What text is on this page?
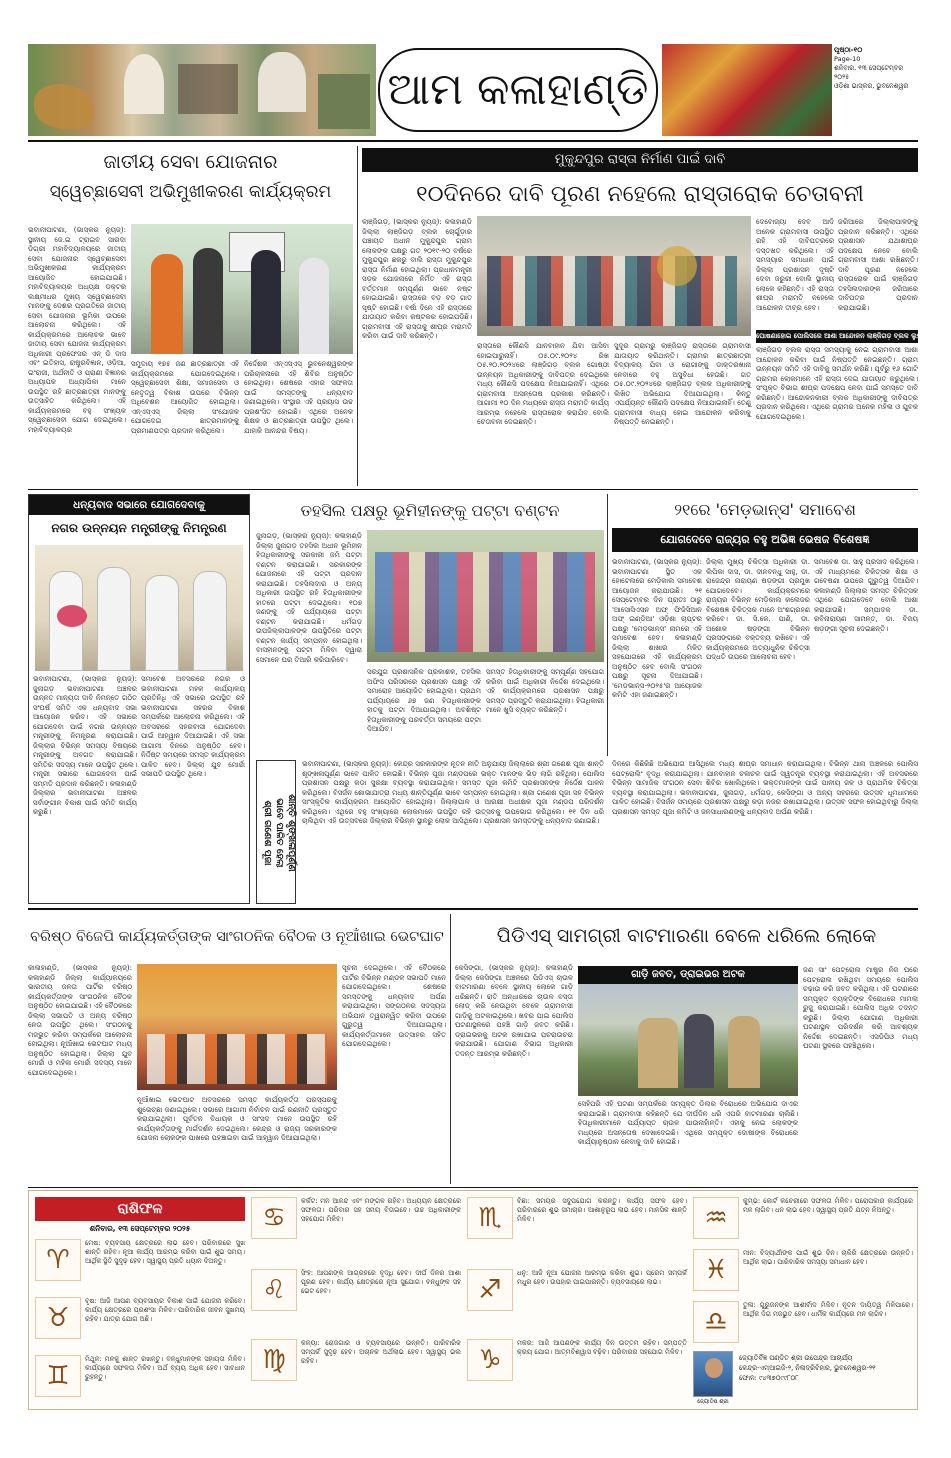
ଆମ କଳାହାଣ୍ଡି
ପୃଷ୍ଠା-୧୦
Page-10
ଶନିବାର, ୧୩ ସେପ୍ଟେମ୍ବର ୨୦୨୫
ଓଡ଼ିଶା ଭାସ୍କର, ଭୁବନେଶ୍ୱର
ଜାତୀୟ ସେବା ଯୋଜନାର
ସ୍ୱେଚ୍ଛାସେବୀ ଅଭିମୁଖୀକରଣ କାର୍ଯ୍ୟକ୍ରମ
ଭବାନୀପାଟଣା, (ଭାସ୍କର ନ୍ୟୁଜ୍): ସ୍ଥାନୀୟ ଜେ.ଇ ଟ୍ରାଇବ ସାରଦା ଡିଗ୍ରୀ ମହାବିଦ୍ୟାଳୟରେ ଜାତୀୟ ସେବା ଯୋଜନାର ସ୍ୱେଚ୍ଛାସେବୀ ଅଭିମୁଖୀକରଣ କାର୍ଯ୍ୟକ୍ରମ ଆୟୋଜିତ ହୋଇଯାଇଛି। ମହାବିଦ୍ୟାଳୟର ଅଧ୍ୟକ୍ଷ ଡକ୍ଟର ଲକ୍ଷ୍ମୀଧର ମୁଖ୍ୟ ସ୍ୱେଚ୍ଛାସେବୀ ମାନଙ୍କୁ ଦେଶର ପ୍ରଗତିରେ ଜାତୀୟ ସେବା ଯୋଜନାର ଭୂମିକା ଉପରେ ଆଲୋଚନା କରିଥିଲେ। ଏହି କାର୍ଯ୍ୟକ୍ରମରେ ଆଲୋଚକ ଭାବେ ଜାତୀୟ ସେବା ଯୋଜନା କାର୍ଯ୍ୟକ୍ରମ ଅଧିକାରୀ ପ୍ରଫେସର ଏନ୍ ଡି ଦାସ ଏବଂ ଇତିହାସ, ରାଷ୍ଟ୍ରବିଜ୍ଞାନ, ଓଡ଼ିଆ, ଇଂରାଜୀ, ଅର୍ଥନୀତି ଓ ପ୍ରାଣୀ ବିଜ୍ଞାନର ଅଧ୍ୟାପକ ଅଧ୍ୟାପିକା ମାନେ ଉପସ୍ଥିତ ରହି ଛାତ୍ରଛାତ୍ରୀ ମାନଙ୍କୁ ଉତ୍ସାହିତ କରିଥିଲେ। ଏହି କାର୍ଯ୍ୟକ୍ରମରେ ବହୁ ସଂଖ୍ୟକ ସ୍ୱେଚ୍ଛାସେବୀ ଯୋଗ ଦେଇଥିଲେ। ମହାବିଦ୍ୟାଳୟର
ସମୁଦାୟ ୧୭୫ ଜଣ ଛାତ୍ରଛାତ୍ରୀ ଏହି କାର୍ଯ୍ୟକ୍ରମରେ ଯୋଗଦେଇଥିଲେ। ସ୍ୱେଚ୍ଛାସେବୀ ଶିକ୍ଷା, ସମାଜସେବା ଓ ନେତୃତ୍ୱ ବିକାଶ ଉପରେ ବିଭିନ୍ନ ଅଧିବେଶନ ଆୟୋଜିତ ହୋଇଥିଲା। ଏନ୍ଏସ୍ଏସ୍ ଜିଲ୍ଲା ସଂଯୋଜକ ଯୋଗଦେଇ ଛାତ୍ରମାନଙ୍କୁ ପ୍ରମାଣପତ୍ର ପ୍ରଦାନ କରିଥିଲେ।
ନିର୍ଦ୍ଦେଶକ ଏନ୍ଏସ୍ଏସ୍ ଭୁବନେଶ୍ୱରଙ୍କ ପରିଚାଳନାରେ ଏହି ଶିବିର ଅନୁଷ୍ଠିତ ହୋଇଥିଲା। ଶେଷରେ ଏହାର ସଫଳତା ପାଇଁ ସମସ୍ତଙ୍କୁ ଧନ୍ୟବାଦ ଜଣାଇଥିଲେ। ସଂସ୍ଥାର ଏହି ପ୍ରୟାସ ଉଚ୍ଚ ପ୍ରଶଂସିତ ହୋଇଛି। ଏଥିରେ ଅନେକ ଶିକ୍ଷକ ଓ ଛାତ୍ରଛାତ୍ରୀ ଉପସ୍ଥିତ ଥିଲେ। ଯାହାକି ଆନନ୍ଦର ବିଷୟ।
ମୁକୁନ୍ଦପୁର ରାସ୍ତା ନିର୍ମାଣ ପାଇଁ ଦାବି
୧୦ଦିନରେ ଦାବି ପୂରଣ ନହେଲେ ରାସ୍ତାରୋକ ଚେତାବନୀ
ଲାଞ୍ଜିଗଡ଼, (ଭାସ୍କର ନ୍ୟୁଜ୍): କଳାହାଣ୍ଡି ଜିଲ୍ଲା ଲାଞ୍ଜିଗଡ଼ ବ୍ଲକ ଚୋର୍ଗୁଡ଼ାର ପଞ୍ଚାୟତ ଅଧୀନ ମୁକୁନ୍ଦପୁର ଗ୍ରାମ ଲୋକଙ୍କ ପକ୍ଷରୁ ଗତ ୨୦୧୯-୨୦ ବର୍ଷରେ ମୁକୁନ୍ଦପୁର ଛକରୁ ବାଲି ରାସ୍ତା ମୁକୁନ୍ଦପୁର ରାସ୍ତା ନିର୍ମାଣ ହୋଇଥିଲା। ପ୍ରଧାନମନ୍ତ୍ରୀ ସଡ଼କ ଯୋଜନାରେ ନିର୍ମିତ ଏହି ରାସ୍ତା ବର୍ତ୍ତମାନ ସମ୍ପୂର୍ଣ୍ଣ ଭାବେ ନଷ୍ଟ ହୋଇଯାଇଛି। ରାସ୍ତାରେ ବଡ଼ ବଡ଼ ଗାତ ସୃଷ୍ଟି ହୋଇଛି। ବର୍ଷା ଦିନେ ଏହି ରାସ୍ତାରେ ଯାତାୟାତ କରିବା କଷ୍ଟକର ହୋଇପଡ଼ିଛି। ଗ୍ରାମବାସୀ ଏହି ରାସ୍ତାକୁ ଶୀଘ୍ର ମରାମତି କରିବା ପାଇଁ ଦାବି କରିଛନ୍ତି।
ରାସ୍ତାରେ କୌଣସି ଯାନବାହାନ ଯିବା ଆସିବା ହୋଇପାରୁନାହିଁ। ୦୫.୦୯.୨୦୨୪ ରିଖ ୦୫.୨୦.୨୦୨୪ରେ ଲାଞ୍ଜିଗଡ଼ ବ୍ଲକ ଗୋଷ୍ଠୀ ଉନ୍ନୟନ ଅଧିକାରୀଙ୍କୁ ଦାବିପତ୍ର ଦେଇଥିଲେ ମଧ୍ୟ କୌଣସି ପଦକ୍ଷେପ ନିଆଯାଇନାହିଁ। ଏଥିରେ ଗ୍ରାମବାସୀ ଅସନ୍ତୋଷ ପ୍ରକାଶ କରିଛନ୍ତି। ଆଗାମୀ ୧୦ ଦିନ ମଧ୍ୟରେ ରାସ୍ତା ମରାମତି କାର୍ଯ୍ୟ ଆରମ୍ଭ ନହେଲେ ରାସ୍ତାରୋକ କରାଯିବ ବୋଲି ଚେତାବନୀ ଦେଇଛନ୍ତି।
ସୁଦୂର ଗ୍ରାମରୁ ଲାଞ୍ଜିଗଡ଼ ରାସ୍ତାରେ ଗ୍ରାମବାସୀ ଯାତାୟାତ କରିଥାନ୍ତି। ଗ୍ରାମର ଛାତ୍ରଛାତ୍ରୀ ବିଦ୍ୟାଳୟ ଯିବା ଓ ରୋଗୀଙ୍କୁ ଡାକ୍ତରଖାନା ନେବାରେ ବହୁ ଅସୁବିଧା ହେଉଛି। ଗତ ୦୫.୦୯.୨୦୨୪ରେ ଲାଞ୍ଜିଗଡ଼ ବ୍ଲକ ଅଧିକାରୀଙ୍କୁ ଲିଖିତ ଅଭିଯୋଗ ଦିଆଯାଇଥିଲା। କିନ୍ତୁ ଏପର୍ଯ୍ୟନ୍ତ କୌଣସି ପଦକ୍ଷେପ ନିଆଯାଇନାହିଁ। ତେଣୁ ଗ୍ରାମବାସୀ ବାଧ୍ୟ ହୋଇ ଆନ୍ଦୋଳନ କରିବାକୁ ନିଷ୍ପତ୍ତି ନେଇଛନ୍ତି।
ଦେବୋଜ୍ୟା ଦେବ ଆଦି ଅନେକ ଗ୍ରାମବାସୀ ଉପସ୍ଥିତ ରହି ଏହି ଦାବିପତ୍ରରେ ଦସ୍ତଖତ କରିଥିଲେ। ଏହି ସମସ୍ୟାର ସମାଧାନ ପାଇଁ ଜିଲ୍ଲା ପ୍ରଶାସନ ଦୃଷ୍ଟି ଦେବା ଜରୁରୀ ବୋଲି ସ୍ଥାନୀୟ ଲୋକେ କହିଛନ୍ତି। ଏହି ରାସ୍ତା ଶୀଘ୍ର ମରାମତି ନହେଲେ ଆନ୍ଦୋଳନ ତୀବ୍ର ହେବ।
ଜରିଆରେ ଜିଲ୍ଲାପାଳଙ୍କୁ ପ୍ରଦାନ କରିଛନ୍ତି। ଏଥିରେ ପ୍ରଶାସନ ଯଥାଶୀଘ୍ର ପଦକ୍ଷେପ ନେବେ ବୋଲି ଗ୍ରାମବାସୀ ଆଶା ରଖିଛନ୍ତି। ଦାବି ପୂରଣ ନହେଲେ ରାସ୍ତାରୋକ ପାଇଁ ଲାଞ୍ଜିଗଡ଼ ତହସିଲଦାରଙ୍କ ଜରିଆରେ ଦାବିପତ୍ର ପ୍ରଦାନ କରାଯାଇଛି।
ଘୋଷଣାହୋଇ ପୋଲିସରେ ଆଶା ଆନ୍ଦୋଳନ ଲାଞ୍ଜିଗଡ଼ ବ୍ଲକ ଲୁହାର ସମାଧାନ
ଲାଞ୍ଜିଗଡ଼ ବ୍ଲକ ରାସ୍ତା ସମସ୍ୟାକୁ ନେଇ ଗ୍ରାମବାସୀ ଆଶା ଆନ୍ଦୋଳନ କରିବା ପାଇଁ ନିଷ୍ପତ୍ତି ନେଇଛନ୍ତି। ଗ୍ରାମ ଉନ୍ନୟନ ସମିତି ଏହି ଦାବିକୁ ସମର୍ଥନ କରିଛି। ପୂର୍ବରୁ ୧୬ ଗୋଟି ଗ୍ରାମର ଲୋକମାନେ ଏହି ରାସ୍ତା ଦେଇ ଯାତାୟାତ କରୁଥିଲେ। ସଂପୃକ୍ତ ବିଭାଗ ଶୀଘ୍ର ପଦକ୍ଷେପ ନେବା ପାଇଁ ସମସ୍ତେ ଦାବି କରିଛନ୍ତି। ଆନ୍ଦୋଳନକାରୀ ବ୍ଲକ ଅଧିକାରୀଙ୍କୁ ଦାବିପତ୍ର ପ୍ରଦାନ କରିଥିଲେ। ଏଥିରେ ଗ୍ରାମର ଅନେକ ମହିଳା ଓ ଯୁବକ ଯୋଗଦେଇଥିଲେ।
ଧନ୍ୟବାଦ ସଭାରେ ଯୋଗଦେବାକୁ
ନଗର ଉନ୍ନୟନ ମନ୍ତ୍ରୀଙ୍କୁ ନିମନ୍ତ୍ରଣ
ଭବାନୀପାଟଣା, (ଭାସ୍କର ନ୍ୟୁଜ୍): ଜୁନାଗଡ଼ ଭବାନୀପାଟଣା ଅଞ୍ଚଳର ଉନ୍ନତ ମାନ୍ୟତା ଦାବି ନିମନ୍ତେ ଗଠିତ ସଂଘର୍ଷ ସମିତି ଏକ ଧନ୍ୟବାଦ ସଭା ଆୟୋଜନ କରିବ। ଏହି ସଭାରେ ଯୋଗଦେବା ପାଇଁ ନଗର ଉନ୍ନୟନ ମନ୍ତ୍ରୀଙ୍କୁ ନିମନ୍ତ୍ରଣ କରାଯାଇଛି। ଜିଲ୍ଲାର ବିଭିନ୍ନ ସମସ୍ୟା ବିଷୟରେ ମନ୍ତ୍ରୀଙ୍କୁ ଅବଗତ କରାଯାଇଛି। ସମିତିର ସଦସ୍ୟ ମାନେ ଉପସ୍ଥିତ ଥିଲେ। ମନ୍ତ୍ରୀ ସଭାରେ ଯୋଗଦେବା ପାଇଁ ସମ୍ମତି ପ୍ରଦାନ କରିଛନ୍ତି। କଳାହାଣ୍ଡି ଜିଲ୍ଲାର ଭବାନୀପାଟଣା ଅଞ୍ଚଳର ସର୍ବାଙ୍ଗୀନ ବିକାଶ ପାଇଁ ସମିତି କାର୍ଯ୍ୟ କରୁଛି।
ସମାବେଶ ଅବସରରେ ନଗର ଓ ଭବାନୀପାଟଣା ମହକ କାର୍ଯ୍ୟାଳୟ ପ୍ରତିନିଧି ଏହି ସଭାରେ ଉପସ୍ଥିତ ରହି ଭବାନୀପାଟଣା ସହରର ବିକାଶ ସମ୍ପର୍କରେ ଆଲୋଚନା କରିଥିଲେ। ଏହି ଅବସରରେ ସହରବାସୀ ଯୋଗଦେବା ପାଇଁ ଆହ୍ୱାନ ଦିଆଯାଇଛି। ଏହି ସଭା ଆଗାମୀ ଦିନରେ ଅନୁଷ୍ଠିତ ହେବ। ନିର୍ଦ୍ଦିଷ୍ଟ ସମୟରେ ସମସ୍ତ କାର୍ଯ୍ୟକ୍ରମ ପାଳିତ ହେବ। ଜିଲ୍ଲା ଯୁବ ମୋର୍ଚ୍ଚା ସଭାପତି ଉପସ୍ଥିତ ଥିଲେ।
ତହସିଲ ପକ୍ଷରୁ ଭୂମିହୀନଙ୍କୁ ପଟ୍ଟା ବଣ୍ଟନ
ଜୁନାଗଡ଼, (ଭାସ୍କର ନ୍ୟୁଜ୍): କଳାହାଣ୍ଡି ଜିଲ୍ଲା ଜୁନାଗଡ଼ ତହସିଲ ଅଧୀନ ଭୂମିହୀନ ହିତାଧିକାରୀଙ୍କୁ ସରକାରୀ ଜମି ପଟ୍ଟା ବଣ୍ଟନ କରାଯାଇଛି। ସରକାରଙ୍କ ଯୋଜନାରେ ଏହି ପଟ୍ଟା ପ୍ରଦାନ କରାଯାଇଛି। ତହସିଲଦାର ଓ ଅନ୍ୟ ଅଧିକାରୀ ଉପସ୍ଥିତ ରହି ହିତାଧିକାରୀଙ୍କ ହାତରେ ପଟ୍ଟା ଦେଇଥିଲେ। ୧୦୭ ଜଣଙ୍କୁ ଏହି ପର୍ଯ୍ୟାୟରେ ପଟ୍ଟା ବଣ୍ଟନ କରାଯାଇଛି। ଧର୍ମଗଡ଼ ଉପଜିଲ୍ଲାପାଳଙ୍କ ଉପସ୍ଥିତିରେ ପଟ୍ଟା ବଣ୍ଟନ କାର୍ଯ୍ୟ ସମ୍ପନ୍ନ ହୋଇଥିଲା। ବାସହୀନଙ୍କୁ ପଟ୍ଟା ମିଳିବା ଦ୍ୱାରା ସେମାନେ ଘର ତିଆରି କରିପାରିବେ।
ସରଯୁଗ ପ୍ରଶାସନିକ ପ୍ରକାଶକ, ତହସିଲ ଅଫିସ ପରିସରରେ ପ୍ରଶାସନ ପକ୍ଷରୁ ଏହି ସମାରୋହ ଆୟୋଜିତ ହୋଇଥିଲା। ପ୍ରଥମ ପର୍ଯ୍ୟାୟରେ ୬୭ ଜଣ ହିତାଧିକାରୀଙ୍କ ହାତକୁ ପଟ୍ଟା ଦିଆଯାଇଥିଲା। ଅବଶିଷ୍ଟ ହିତାଧିକାରୀଙ୍କୁ ପରବର୍ତ୍ତୀ ସମୟରେ ପଟ୍ଟା ଦିଆଯିବ।
ସମସ୍ତ ହିତାଧିକାରୀଙ୍କୁ ସମ୍ପୂର୍ଣ୍ଣ ସହଯୋଗ କରିବା ପାଇଁ ଅଧିକାରୀ ନିର୍ଦ୍ଦେଶ ଦେଇଥିଲେ। ଏହି କାର୍ଯ୍ୟକ୍ରମରେ ପ୍ରଶାସନ ପକ୍ଷରୁ ସମସ୍ତ ପ୍ରସ୍ତୁତି କରାଯାଇଥିଲା। ହିତାଧିକାରୀ ମାନେ ଖୁସି ବ୍ୟକ୍ତ କରିଛନ୍ତି।
୨୧ରେ 'ମେଡ଼ଭାନ୍ସ' ସମାବେଶ
ଯୋଗଦେବେ ରାଜ୍ୟର ବହୁ ଅଭିଜ୍ଞ ଭେଷଜ ବିଶେଷଜ୍ଞ
ଜିଲ୍ଲା ମୁଖ୍ୟ ଚିକିତ୍ସା ଅଧିକାରୀ ଡା. ଲିପିକା ଦାସ, ଡା. ଦୀନବନ୍ଧୁ ସାହୁ, ଡା. ରାଜେନ୍ଦ୍ର ନାରାୟଣ ଷଡ଼ଙ୍ଗୀ ପ୍ରମୁଖ ଯୋଗଦେବେ। କାର୍ଯ୍ୟକ୍ରମରେ ରାଜ୍ୟର ବିଭିନ୍ନ ମେଡ଼ିକାଲ କଲେଜର ବିଶେଷଜ୍ଞ ଚିକିତ୍ସକ ମାନେ ଅଂଶଗ୍ରହଣ କରିବେ। ଡା. ସି.କେ. ପାଣି, ଡା. ଅଶୋକ ଷଡ଼ଙ୍ଗୀ ବିଭିନ୍ନ ପ୍ରସଙ୍ଗରେ ବକ୍ତବ୍ୟ ରଖିବେ। ଏହି କାର୍ଯ୍ୟକ୍ରମରେ ଅତ୍ୟାଧୁନିକ ଚିକିତ୍ସା ପଦ୍ଧତି ଉପରେ ଆଲୋଚନା ହେବ।
ସମାବେଶ ଡା. ସାହୁ ପ୍ରସାଦ କରିଥିଲେ। ଏହି ମାଧ୍ୟମରେ ଚିକିତ୍ସକ ଶିକ୍ଷା ଓ ଗବେଷଣା ଉପରେ ଗୁରୁତ୍ୱ ଦିଆଯିବ। କଳାହାଣ୍ଡି ଜିଲ୍ଲାର ସମସ୍ତ ଚିକିତ୍ସକ ଏଥିରେ ଯୋଗଦେବେ ବୋଲି ଆଶା କରାଯାଉଛି। ସମ୍ପାଦକ ଡା. ରବିନାରାୟଣ ସାମନ୍ତ, ଡା. ବିଜୟ ଷଡ଼ଙ୍ଗୀ ସୂଚନା ଦେଇଛନ୍ତି।
ଭବାନୀପାଟଣା, (ଭାସ୍କର ନ୍ୟୁଜ୍): ଭବାନୀପାଟଣା ସ୍ଥିତ ଏକ ହୋଟେଲରେ ମେଡ଼ିକାଲ ସମାବେଶ ଆୟୋଜନ କରାଯାଉଛି। ୨୧ ସେପ୍ଟେମ୍ବର ଦିନ ପ୍ରାତଃ ଠାରୁ 'ଆସୋସିଏସନ ଅଫ୍ ଫିଜିସିଆନ ଅଫ୍ ଇଣ୍ଡିଆ' ଓଡ଼ିଶା ଚାପ୍ଟର ପକ୍ଷରୁ 'ମେଡ଼ଭାନ୍ସ' ନାମରେ ଏହି ସମାବେଶ ହେବ। କଳାହାଣ୍ଡି ଜିଲ୍ଲା ଶାଖାର ମିଳିତ ସହଯୋଗରେ ଏହି କାର୍ଯ୍ୟକ୍ରମ ଅନୁଷ୍ଠିତ ହେବ ବୋଲି ସଂଗଠନ ପକ୍ଷରୁ ସୂଚନା ଦିଆଯାଇଛି। 'ମେଡ଼ଭାନ୍ସ-୨୦୨୫'ର ଆୟୋଜକ କମିଟି ଏହା ଜଣାଇଛନ୍ତି।
ଶାନ୍ତି ଶୃଙ୍ଖଳାପୂର୍ଣ୍ଣ
ଭାବେ ପାଳିତ ହେଲା
ଶ୍ରୀ ଗଣେଶ ପୂଜା
ଭବାନୀପାଟଣା, (ଭାସ୍କର ନ୍ୟୁଜ୍): କେନ୍ଦ୍ର ସରକାରଙ୍କ ନୂତନ ନୀତି ଅନୁଯାୟୀ ଜିଲ୍ଲାରେ ଶ୍ରୀ ଗଣେଶ ପୂଜା ଶାନ୍ତି ଶୃଙ୍ଖଳାପୂର୍ଣ୍ଣ ଭାବେ ପାଳିତ ହୋଇଛି। ବିଭିନ୍ନ ପୂଜା ମଣ୍ଡପରେ ଭକ୍ତ ମାନଙ୍କ ଭିଡ଼ ଲାଗି ରହିଥିଲା। ପୋଲିସ ପ୍ରଶାସନ ପକ୍ଷରୁ କଡ଼ା ସୁରକ୍ଷା ବ୍ୟବସ୍ଥା କରାଯାଇଥିଲା। ସମସ୍ତ ପୂଜା କମିଟି ପ୍ରଶାସନଙ୍କ ନିର୍ଦ୍ଦେଶ ପାଳନ କରିଥିଲେ। ବିସର୍ଜନ ଶୋଭାଯାତ୍ରା ମଧ୍ୟ ଶାନ୍ତିପୂର୍ଣ୍ଣ ଭାବେ ସମ୍ପନ୍ନ ହୋଇଥିଲା। ଶ୍ରୀ ଗଣେଶ ପୂଜା ସହ ବିଭିନ୍ନ ସାଂସ୍କୃତିକ କାର୍ଯ୍ୟକ୍ରମ ଆୟୋଜିତ ହୋଇଥିଲା। ଜିଲ୍ଲାପାଳ ଓ ଆରକ୍ଷୀ ଅଧୀକ୍ଷକ ପୂଜା ମଣ୍ଡପ ପରିଦର୍ଶନ କରିଥିଲେ। ଏଥିରେ ବହୁ ସଂଖ୍ୟାରେ ଲୋକମାନେ ଉପସ୍ଥିତ ରହି ଉତ୍ସବକୁ ଉପଭୋଗ କରିଥିଲେ। ୧୧ ଦିନ ଧରି ଚାଲିଥିବା ଏହି ଉତ୍ସବରେ ଜିଲ୍ଲାର ବିଭିନ୍ନ ସ୍ଥାନରୁ ଲୋକ ଆସିଥିଲେ। ପ୍ରଶାସନ ସମସ୍ତଙ୍କୁ ଧନ୍ୟବାଦ ଜଣାଇଛି।
ଦିନରେ କିଛିକିଛି ଅଭିଯୋଗ ଆସିଥିଲେ ମଧ୍ୟ ଶୀଘ୍ର ସମାଧାନ କରାଯାଇଥିଲା। ବିଭିନ୍ନ ଥାନା ଅଞ୍ଚଳରେ ପୋଲିସ ପେଟ୍ରୋଲିଂ ବୃଦ୍ଧି କରାଯାଇଥିଲା। ଯାନବାହାନ ଚଳାଚଳ ପାଇଁ ସ୍ୱତନ୍ତ୍ର ବ୍ୟବସ୍ଥା କରାଯାଇଥିଲା। ଏହି ଅବସରରେ ବିଭିନ୍ନ ସାମାଜିକ ସଂଗଠନ ସେବା ଶିବିର ଖୋଲିଥିଲେ। ଭକ୍ତମାନଙ୍କ ପାଇଁ ପାନୀୟ ଜଳ ଓ ପ୍ରାଥମିକ ଚିକିତ୍ସା ବ୍ୟବସ୍ଥା କରାଯାଇଥିଲା। ଭବାନୀପାଟଣା, ଜୁନାଗଡ଼, ଧର୍ମଗଡ଼, କେସିଙ୍ଗା ଓ ଅନ୍ୟ ସହରରେ ଉତ୍ସବ ଧୂମଧାମରେ ପାଳିତ ହୋଇଛି। ବିସର୍ଜନ ସମୟରେ ପ୍ରଶାସନ ପକ୍ଷରୁ କଡ଼ା ନଜର ରଖାଯାଇଥିଲା। ଉତ୍ସବ ସଫଳ ହୋଇଥିବାରୁ ଜିଲ୍ଲା ପ୍ରଶାସନ ସମସ୍ତ ପୂଜା କମିଟି ଓ ଜନସାଧାରଣଙ୍କୁ ଧନ୍ୟବାଦ ଅର୍ପଣ କରିଛି।
ବରିଷ୍ଠ ବିଜେପି କାର୍ଯ୍ୟକର୍ତ୍ତାଙ୍କ ସାଂଗଠନିକ ବୈଠକ ଓ ନୂଆଁଖାଇ ଭେଟଘାଟ
କାଳାହାଣ୍ଡି, (ଭାସ୍କର ନ୍ୟୁଜ୍): କଳାହାଣ୍ଡି ଜିଲ୍ଲା କାର୍ଯ୍ୟାଳୟରେ ଭାରତୀୟ ଜନତା ପାର୍ଟିର ବରିଷ୍ଠ କାର୍ଯ୍ୟକର୍ତ୍ତାଙ୍କ ସାଂଗଠନିକ ବୈଠକ ଅନୁଷ୍ଠିତ ହୋଇଯାଇଛି। ଏହି ବୈଠକରେ ଜିଲ୍ଲା ସଭାପତି ଓ ଅନ୍ୟ ବରିଷ୍ଠ ନେତା ଉପସ୍ଥିତ ଥିଲେ। ସଂଗଠନକୁ ମଜଭୁତ କରିବା ସମ୍ପର୍କରେ ଆଲୋଚନା ହୋଇଥିଲା। ନୂଆଁଖାଇ ଭେଟଘାଟ ମଧ୍ୟ ଅନୁଷ୍ଠିତ ହୋଇଥିଲା। ଜିଲ୍ଲା ଯୁବ ମୋର୍ଚ୍ଚା ଓ ମହିଳା ମୋର୍ଚ୍ଚା ସଦସ୍ୟ ମାନେ ଯୋଗଦେଇଥିଲେ।
ନୂଆଁଖାଇ ଭେଟଘାଟ ଅବସରରେ ସମସ୍ତ କାର୍ଯ୍ୟକର୍ତ୍ତା ପରସ୍ପରକୁ ଶୁଭେଚ୍ଛା ଜଣାଇଥିଲେ। ସଭାରେ ଆଗାମୀ ନିର୍ବାଚନ ପାଇଁ ରଣନୀତି ପ୍ରସ୍ତୁତ କରାଯାଇଥିଲା। ପୂର୍ବତନ ବିଧାୟକ ଓ ସାଂସଦ ମାନେ ଉପସ୍ଥିତ ରହି କାର୍ଯ୍ୟକର୍ତ୍ତାଙ୍କୁ ମାର୍ଗଦର୍ଶନ ଦେଇଥିଲେ। କେନ୍ଦ୍ର ଓ ରାଜ୍ୟ ସରକାରଙ୍କ ଯୋଜନା ଲୋକଙ୍କ ପାଖରେ ପହଞ୍ଚାଇବା ପାଇଁ ଆହ୍ୱାନ ଦିଆଯାଇଥିଲା।
ସୂଚନା ଦେଇଥିଲେ। ଏହି ବୈଠକରେ ପାର୍ଟିର ବିଭିନ୍ନ ମଣ୍ଡଳ ସଭାପତି ମାନେ ଯୋଗଦେଇଥିଲେ। ଶେଷରେ ସମସ୍ତଙ୍କୁ ଧନ୍ୟବାଦ ଅର୍ପଣ କରାଯାଇଥିଲା। ସଙ୍ଗଠନର ସଦସ୍ୟତା ଅଭିଯାନ ତ୍ୱରାନ୍ୱିତ କରିବା ଉପରେ ଗୁରୁତ୍ୱ ଦିଆଯାଇଥିଲା। କାର୍ଯ୍ୟକର୍ତ୍ତାମାନେ ଉତ୍ସାହର ସହିତ ଯୋଗଦେଇଥିଲେ।
ପିଡିଏସ୍ ସାମଗ୍ରୀ ବାଟମାରଣା ବେଳେ ଧରିଲେ ଲୋକେ
କେସିଙ୍ଗା, (ଭାସ୍କର ନ୍ୟୁଜ୍): କଳାହାଣ୍ଡି ଜିଲ୍ଲା କେସିଙ୍ଗା ଅଞ୍ଚଳରେ ପିଡିଏସ୍ ଚାଉଳ ବାଟମାରଣା ବେଳେ ସ୍ଥାନୀୟ ଲୋକେ ଗାଡ଼ି ଧରିଛନ୍ତି। ରାତି ଅନ୍ଧାରରେ ଚାଉଳ ବସ୍ତା ଲୋଡ୍ କରି ନେଉଥିବା ବେଳେ ଗ୍ରାମବାସୀ ଗାଡ଼ିକୁ ଅଟକାଇଥିଲେ। ଖବର ପାଇ ପୋଲିସ ଘଟଣାସ୍ଥଳରେ ପହଞ୍ଚି ଗାଡ଼ି ଜବତ କରିଛି। ଡ୍ରାଇଭରକୁ ଅଟକ ରଖାଯାଇ ପଚରାଉଚରା କରାଯାଉଛି। ଯୋଗାଣ ବିଭାଗ ଅଧିକାରୀ ତଦନ୍ତ ଆରମ୍ଭ କରିଛନ୍ତି।
ଗାଡ଼ି ଜବତ, ଡ୍ରାଇଭର ଅଟକ
ସେହିପରି ଏହି ଘଟଣା ସମ୍ପର୍କରେ ସମ୍ପୃକ୍ତ ଡିଲର ବିରୋଧରେ ଅଭିଯୋଗ ଦାଏର କରାଯାଇଛି। ଗ୍ରାମବାସୀ କହିଛନ୍ତି ଯେ ଦୀର୍ଘଦିନ ଧରି ଏପରି ବାଟମାରଣା ଚାଲିଛି। ହିତାଧିକାରୀମାନେ ପର୍ଯ୍ୟାପ୍ତ ଚାଉଳ ପାଉନାହାଁନ୍ତି। ଏହାକୁ ନେଇ ଲୋକଙ୍କ ମଧ୍ୟରେ ଅସନ୍ତୋଷ ଦେଖାଦେଇଛି। ଏଥିରେ ସମ୍ପୃକ୍ତ ଦୋଷୀଙ୍କ ବିରୋଧରେ କାର୍ଯ୍ୟାନୁଷ୍ଠାନ ନେବାକୁ ଦାବି ହୋଇଛି।
ଜଣ ସାଂ ପେଟ୍ରୋଲ ମାଷ୍ଟ୍ର ନିଜ ଘରେ ପେଟ୍ରୋଲ ରଖିଥିବା ସମୟରେ ପୋଲିସ ଚଢ଼ାଉ କରି ଜବତ କରିଥିଲା। ଏହି ଘଟଣାରେ ସମ୍ପୃକ୍ତ ବ୍ୟକ୍ତିଙ୍କ ବିରୋଧରେ ମାମଲା ରୁଜୁ କରାଯାଇଛି। ପୋଲିସ ଅଧିକ ତଦନ୍ତ କରୁଛି। ଜିଲ୍ଲା ଯୋଗାଣ ଅଧିକାରୀ ଘଟଣାସ୍ଥଳ ପରିଦର୍ଶନ କରି ଆବଶ୍ୟକ ନିର୍ଦ୍ଦେଶ ଦେଇଛନ୍ତି। ଏସଡିପିଓ ମଧ୍ୟ ଘଟଣା ସ୍ଥଳରେ ପହଞ୍ଚିଥିଲେ।
ରାଶିଫଳ
ଶନିବାର, ୧୩ ସେପ୍ଟେମ୍ବର ୨୦୨୫
♈
ମେଷ: ବ୍ୟବସାୟ କ୍ଷେତ୍ରରେ ଲାଭ ହେବ। ପରିବାରରେ ସୁଖ ଶାନ୍ତି ରହିବ। ନୂଆ କାର୍ଯ୍ୟ ଆରମ୍ଭ କରିବା ପାଇଁ ଶୁଭ ସମୟ। ଆର୍ଥିକ ସ୍ଥିତି ସୁଦୃଢ଼ ହେବ। ସ୍ୱାସ୍ଥ୍ୟ ପ୍ରତି ଧ୍ୟାନ ଦିଅନ୍ତୁ।
♉
ବୃଷ: ଆଜି ଆପଣ ବ୍ୟବସାୟର ବିକାଶ ପାଇଁ ଯୋଜନା କରିବେ। କାର୍ଯ୍ୟ କ୍ଷେତ୍ରରେ ପ୍ରଶଂସା ମିଳିବ। ପାରିବାରିକ ଜୀବନ ସୁଖମୟ ରହିବ। ଯାତ୍ରା ଯୋଗ ଅଛି।
♊
ମିଥୁନ: ମନକୁ ଶାନ୍ତ ରଖନ୍ତୁ। ବନ୍ଧୁମାନଙ୍କ ସହାୟତା ମିଳିବ। କାର୍ଯ୍ୟରେ ସଫଳତା ମିଳିବ। ଅର୍ଥ ବ୍ୟୟ ଅଧିକ ହେବ। ସାବଧାନ ରୁହନ୍ତୁ।
♋
କର୍କଟ: ମନ ଆନନ୍ଦ ଏବଂ ମଙ୍ଗଳ ରହିବ। ଅଧ୍ୟୟନ କ୍ଷେତ୍ରରେ ସଫଳତା। ପରିବାର ସହ ସମୟ ବିତାଇବେ। ଉଚ୍ଚ ଅଧିକାରୀଙ୍କ ସହଯୋଗ ମିଳିବ।
♌
ସିଂହ: ଆପଣଙ୍କ ଆଗ୍ରହରେ ବୃଦ୍ଧି ହେବ। ଦୀର୍ଘ ଦିନର ଆଶା ପୂରଣ ହେବ। କାର୍ଯ୍ୟ କ୍ଷେତ୍ରରେ ନୂଆ ସୁଯୋଗ। ବନ୍ଧୁଙ୍କ ସହ ଭେଟ ହେବ।
♍
କନ୍ୟା: ରୋଜଗାର ଓ ବ୍ୟବସାୟରେ ଉନ୍ନତି। ପାରିବାରିକ ସମ୍ପର୍କ ସୁଦୃଢ଼ ହେବ। ଅଚାନକ ଅର୍ଥଲାଭ ହେବ। ସ୍ୱାସ୍ଥ୍ୟ ଭଲ ରହିବ।
♏
ବିଛା: ସମୟର ସଦୁପଯୋଗ କରନ୍ତୁ। କାର୍ଯ୍ୟ ସଫଳ ହେବ। ପରିବାରରେ ଶୁଭ ସମାଚାର। ଆଶାନୁରୂପ ଲାଭ ହେବ। ମାନସିକ ଶାନ୍ତି ମିଳିବ।
♐
ଧନୁ: ଆଜି ନୂଆ ଯୋଜନା ଆରମ୍ଭ କରିବା ଶୁଭ। ପ୍ରେମ ସମ୍ପର୍କ ମଧୁର ହେବ। ଉପହାର ପାଇପାରନ୍ତି। ବ୍ୟବସାୟରେ ଲାଭ।
♑
ମକର: ଆଜି ଆପଣଙ୍କ କାର୍ଯ୍ୟ ଦିନ ଉତ୍ତମ ରହିବ। ସମ୍ପତ୍ତି କ୍ରୟ ଯୋଗ। ଆତ୍ମବିଶ୍ୱାସ ବଢ଼ିବ। ପରିବାରର ସହଯୋଗ ମିଳିବ।
♒
କୁମ୍ଭ: କୋର୍ଟ କଚେରୀରେ ସଫଳତା ମିଳିବ। ପରୋପକାର କାର୍ଯ୍ୟରେ ମନ ଲାଗିବ। ଧନ ଲାଭ ହେବ। ସ୍ୱାସ୍ଥ୍ୟ ପ୍ରତି ଯତ୍ନ ନିଅନ୍ତୁ।
♓
ମୀନ: ବିଦ୍ୟାର୍ଥୀଙ୍କ ପାଇଁ ଶୁଭ ଦିନ। ଚାକିରି କ୍ଷେତ୍ରରେ ଉନ୍ନତି। ଆର୍ଥିକ ଲାଭ। ପାରିବାରିକ ସମସ୍ୟା ସମାଧାନ ହେବ।
♎
ତୁଳା: ଗୁରୁଜନଙ୍କ ଆଶୀର୍ବାଦ ମିଳିବ। ନୂତନ ଦାୟିତ୍ୱ ମିଳିପାରେ। ଆର୍ଥିକ ଦିଗ ମଜଭୁତ ହେବ। ଧାର୍ମିକ କାର୍ଯ୍ୟରେ ମନ ଲାଗିବ।
ଜ୍ୟୋତିଷ ଶ୍ରୀ
ଜ୍ୟୋତିର୍ବିଜ୍ଞ ପଣ୍ଡିତ ଶ୍ରୀ ଉପେନ୍ଦ୍ର ଆଚାର୍ଯ୍ୟ
କେନ୍ଦ୍ର-ଏମ୍ଆଇଜି-୨, ନିଳାଦ୍ରିବିହାର, ଭୁବନେଶ୍ୱର-୨୧
ଫୋନ: ୯୪୩୭୦୯୯୮୦୮
